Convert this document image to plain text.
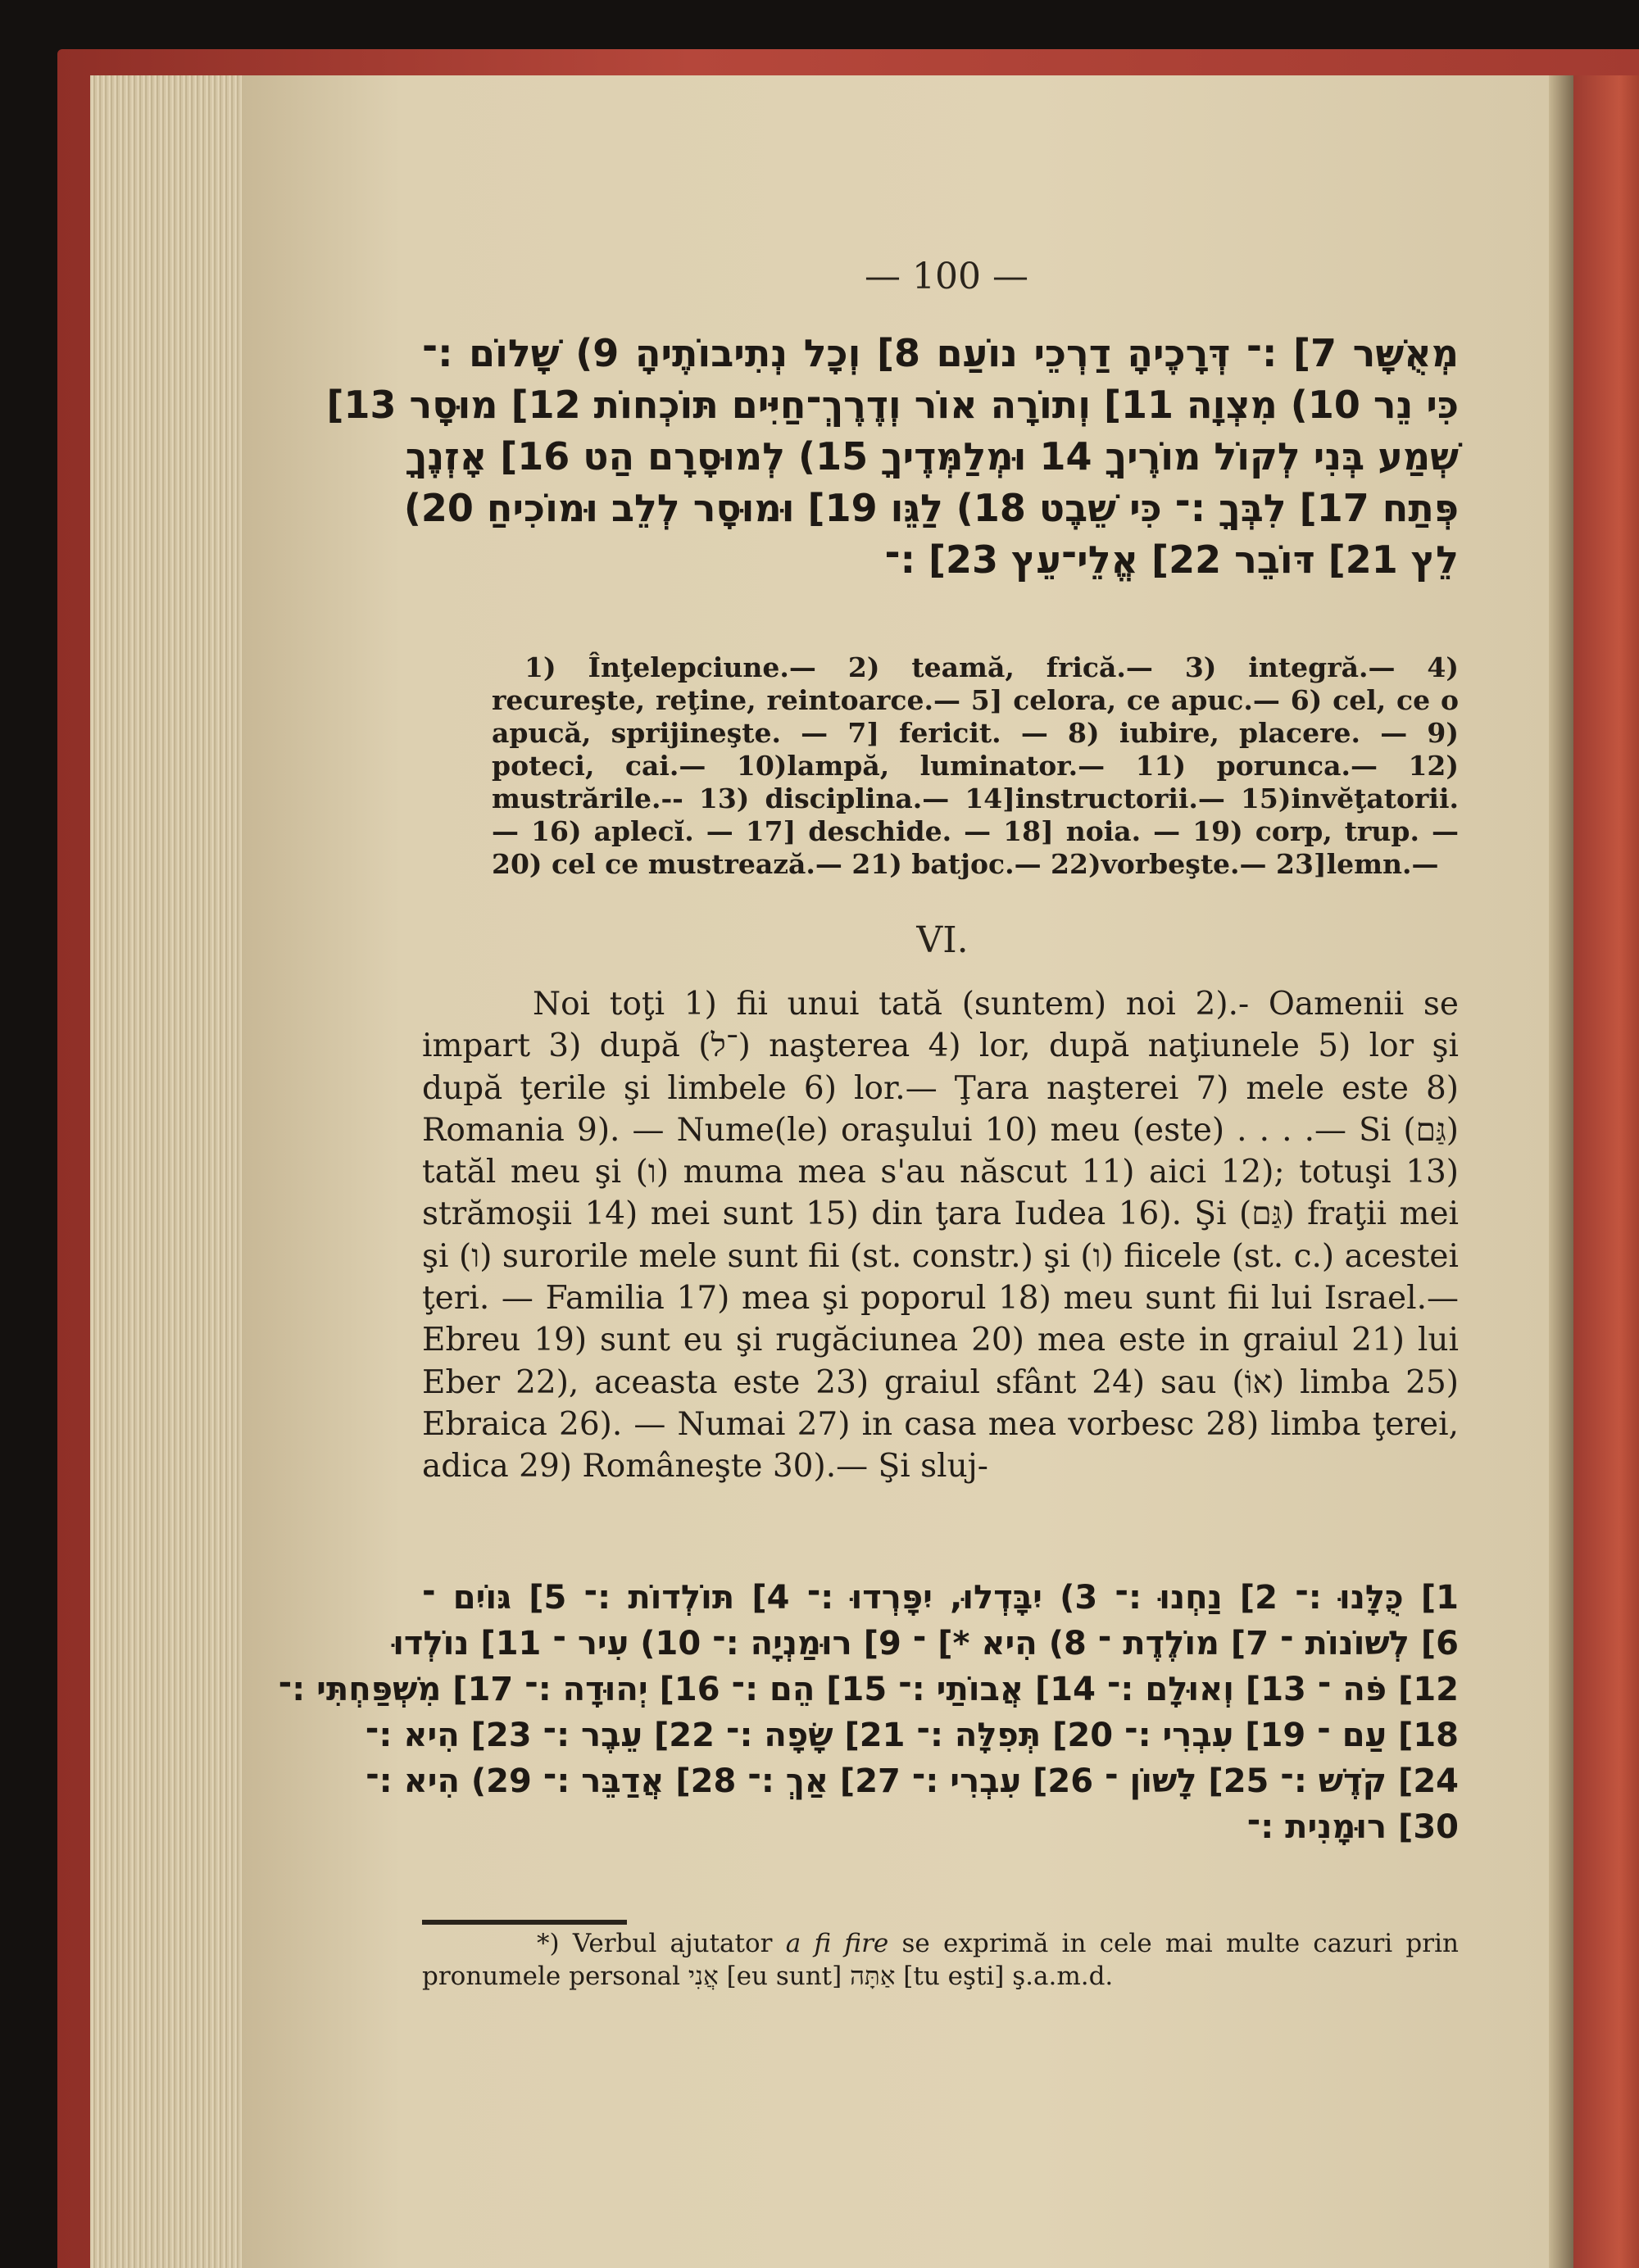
— 100 —
מְאֻשָּׁר 7] :־ דְּרָכֶיהָ דַרְכֵי נוֹעַם 8] וְכָל נְתִיבוֹתֶיהָ 9) שָׁלוֹם :־
כִּי נֵר 10) מִצְוָה 11] וְתוֹרָה אוֹר וְדֶרֶךְ־חַיִּים תּוֹכְחוֹת 12] מוּסָר 13]
שְׁמַע בְּנִי לְקוֹל מוֹרֶיךָ 14 וּמְלַמְּדֶיךָ 15) לְמוּסָרָם הַט 16] אָזְנֶךָ
פְּתַח 17] לִבְּךָ :־ כִּי שֵׁבֶט 18) לַגֵּו 19] וּמוּסָר לְלֵב וּמוֹכִיחַ 20)
לֵץ 21] דּוֹבֵר 22] אֱלֵי־עֵץ 23] :־
1) Înţelepciune.— 2) teamă, frică.— 3) integră.— 4) recureşte, reţine, reintoarce.— 5] celora, ce apuc.— 6) cel, ce o apucă, sprijineşte. — 7] fericit. — 8) iubire, placere. — 9) poteci, cai.— 10)lampă, luminator.— 11) porunca.— 12) mustrările.-- 13) disciplina.— 14]instructorii.— 15)invĕţatorii.— 16) aplecĭ. — 17] deschide. — 18] noia. — 19) corp, trup. — 20) cel ce mustrează.— 21) batjoc.— 22)vorbeşte.— 23]lemn.—
VI.
Noi toţi 1) fii unui tată (suntem) noi 2).- Oamenii se impart 3) după (־ל) naşterea 4) lor, după naţiunele 5) lor şi după ţerile şi limbele 6) lor.— Ţara naşterei 7) mele este 8) Romania 9). — Nume(le) oraşului 10) meu (este) . . . .— Si (גַּם) tatăl meu şi (ו) muma mea s'au născut 11) aici 12); totuşi 13) strămoşii 14) mei sunt 15) din ţara Iudea 16). Şi (גַּם) fraţii mei şi (ו) surorile mele sunt fii (st. constr.) şi (ו) fiicele (st. c.) acestei ţeri. — Familia 17) mea şi poporul 18) meu sunt fii lui Israel.— Ebreu 19) sunt eu şi rugăciunea 20) mea este in graiul 21) lui Eber 22), aceasta este 23) graiul sfânt 24) sau (אוֹ) limba 25) Ebraica 26). — Numai 27) in casa mea vorbesc 28) limba ţerei, adica 29) Româneşte 30).— Şi sluj-
1] כֻּלָּנוּ :־ 2] נַחְנוּ :־ 3) יִבָּדְלוּ, יִפָּרְדוּ :־ 4] תּוֹלְדוֹת :־ 5] גּוֹיִם ־
6] לְשׁוֹנוֹת ־ 7] מוֹלֶדֶת ־ 8) הִיא *] ־ 9] רוּמַנְיָה :־ 10) עִיר ־ 11] נוֹלְדוּ
12] פֹּה ־ 13] וְאוּלָם :־ 14] אֲבוֹתַי :־ 15] הֵם :־ 16] יְהוּדָה :־ 17] מִשְׁפַּחְתִּי :־
18] עַם ־ 19] עִבְרִי :־ 20] תְּפִלָּה :־ 21] שָׂפָה :־ 22] עֵבֶר :־ 23] הִיא :־
24] קֹדֶשׁ :־ 25] לָשׁוֹן ־ 26] עִבְרִי :־ 27] אַךְ :־ 28] אֲדַבֵּר :־ 29) הִיא :־
30] רוּמָנִית :־
*) Verbul ajutator a fi fire se exprimă in cele mai multe cazuri prin pronumele personal אֲנִי [eu sunt] אַתָּה [tu eşti] ş.a.m.d.
